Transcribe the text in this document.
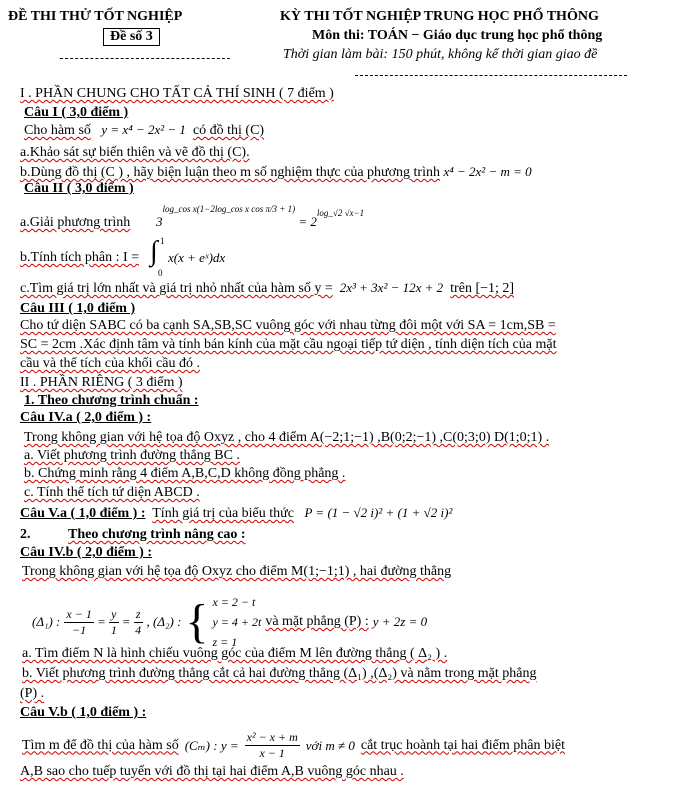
ĐỀ THI THỬ TỐT NGHIỆP
Đề số 3
KỲ THI TỐT NGHIỆP TRUNG HỌC PHỔ THÔNG
Môn thi: TOÁN − Giáo dục trung học phổ thông
Thời gian làm bài: 150 phút, không kể thời gian giao đề
I . PHẦN CHUNG CHO TẤT CẢ THÍ SINH ( 7 điểm )
Câu I ( 3,0 điểm )
Cho hàm số y = x⁴ − 2x² − 1 có đồ thị (C)
a.Khảo sát sự biến thiên và vẽ đồ thị (C).
b.Dùng đồ thị (C ) , hãy biện luận theo m số nghiệm thực của phương trình x⁴ − 2x² − m = 0
Câu II ( 3,0 điểm )
a.Giải phương trình $3^{log\_cos x(1-2log\_cos x cos \pi/3 + 1)} = 2^{log\_√2 √x-1}$
b.Tính tích phân : I = ∫ 1
0
x(x + eˣ)dx
c.Tìm giá trị lớn nhất và giá trị nhỏ nhất của hàm số y = 2x³ + 3x² − 12x + 2 trên [−1; 2]
Câu III ( 1,0 điểm )
Cho tứ diện SABC có ba cạnh SA,SB,SC vuông góc với nhau từng đôi một với SA = 1cm,SB =
SC = 2cm .Xác định tâm và tính bán kính của mặt cầu ngoại tiếp tứ diện , tính diện tích của mặt
cầu và thể tích của khối cầu đó .
II . PHẦN RIÊNG ( 3 điểm )
1. Theo chương trình chuẩn :
Câu IV.a ( 2,0 điểm ) :
Trong không gian với hệ tọa độ Oxyz , cho 4 điểm A(−2;1;−1) ,B(0;2;−1) ,C(0;3;0) D(1;0;1) .
a. Viết phương trình đường thẳng BC .
b. Chứng minh rằng 4 điểm A,B,C,D không đồng phẳng .
c. Tính thể tích tứ diện ABCD .
Câu V.a ( 1,0 điểm ) : Tính giá trị của biểu thức P = (1 − √2 i)² + (1 + √2 i)²
2.	Theo chương trình nâng cao :
Câu IV.b ( 2,0 điểm ) :
Trong không gian với hệ tọa độ Oxyz cho điểm M(1;−1;1) , hai đường thẳng
(Δ₁) : $\frac{x - 1}{-1} = \frac{y}{1} = \frac{z}{4}$ , (Δ₂) : { x = 2 − t
y = 4 + 2t
z = 1
và mặt phẳng (P) : y + 2z = 0
a. Tìm điểm N là hình chiếu vuông góc của điểm M lên đường thẳng ( Δ₂ ) .
b. Viết phương trình đường thẳng cắt cả hai đường thẳng (Δ₁) ,(Δ₂) và nằm trong mặt phẳng
(P) .
Câu V.b ( 1,0 điểm ) :
Tìm m để đồ thị của hàm số (Cₘ) : $y = \frac{\text{x² − x + m}}{x - 1}$ với m ≠ 0 cắt trục hoành tại hai điểm phân biệt
A,B sao cho tuếp tuyến với đồ thị tại hai điểm A,B vuông góc nhau .
